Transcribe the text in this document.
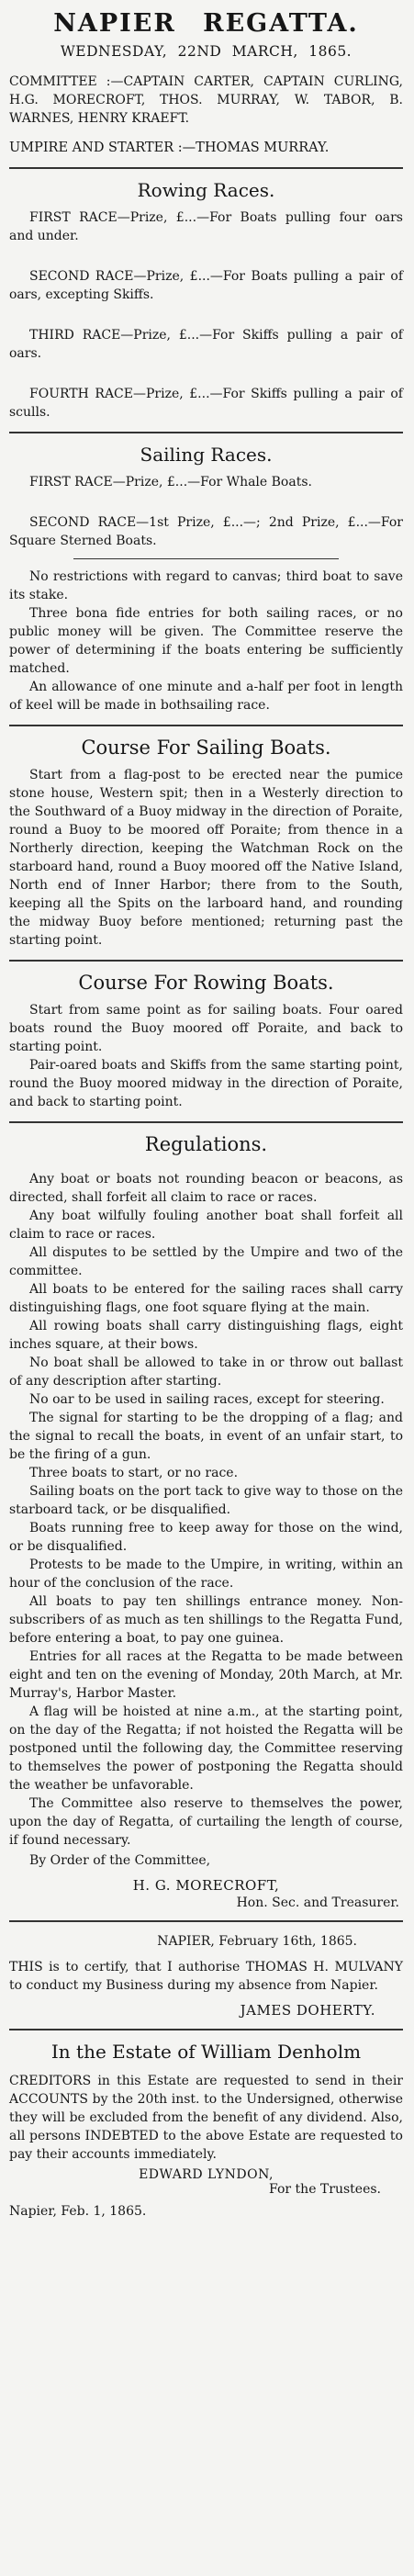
NAPIER REGATTA.
WEDNESDAY, 22ND MARCH, 1865.

COMMITTEE :—CAPTAIN CARTER, CAPTAIN CURLING, H.G. MORECROFT, THOS. MURRAY, W. TABOR, B. WARNES, HENRY KRAEFT.

UMPIRE AND STARTER :—THOMAS MURRAY.

Rowing Races.

FIRST RACE—Prize, £...—For Boats pulling four oars and under.

SECOND RACE—Prize, £...—For Boats pulling a pair of oars, excepting Skiffs.

THIRD RACE—Prize, £...—For Skiffs pulling a pair of oars.

FOURTH RACE—Prize, £...—For Skiffs pulling a pair of sculls.

Sailing Races.

FIRST RACE—Prize, £...—For Whale Boats.

SECOND RACE—1st Prize, £...—; 2nd Prize, £...—For Square Sterned Boats.

No restrictions with regard to canvas; third boat to save its stake.

Three bona fide entries for both sailing races, or no public money will be given. The Committee reserve the power of determining if the boats entering be sufficiently matched.

An allowance of one minute and a-half per foot in length of keel will be made in bothsailing race.

Course For Sailing Boats.

Start from a flag-post to be erected near the pumice stone house, Western spit; then in a Westerly direction to the Southward of a Buoy midway in the direction of Poraite, round a Buoy to be moored off Poraite; from thence in a Northerly direction, keeping the Watchman Rock on the starboard hand, round a Buoy moored off the Native Island, North end of Inner Harbor; there from to the South, keeping all the Spits on the larboard hand, and rounding the midway Buoy before mentioned; returning past the starting point.

Course For Rowing Boats.

Start from same point as for sailing boats. Four oared boats round the Buoy moored off Poraite, and back to starting point.

Pair-oared boats and Skiffs from the same starting point, round the Buoy moored midway in the direction of Poraite, and back to starting point.

Regulations.

Any boat or boats not rounding beacon or beacons, as directed, shall forfeit all claim to race or races.

Any boat wilfully fouling another boat shall forfeit all claim to race or races.

All disputes to be settled by the Umpire and two of the committee.

All boats to be entered for the sailing races shall carry distinguishing flags, one foot square flying at the main.

All rowing boats shall carry distinguishing flags, eight inches square, at their bows.

No boat shall be allowed to take in or throw out ballast of any description after starting.

No oar to be used in sailing races, except for steering.

The signal for starting to be the dropping of a flag; and the signal to recall the boats, in event of an unfair start, to be the firing of a gun.

Three boats to start, or no race.

Sailing boats on the port tack to give way to those on the starboard tack, or be disqualified.

Boats running free to keep away for those on the wind, or be disqualified.

Protests to be made to the Umpire, in writing, within an hour of the conclusion of the race.

All boats to pay ten shillings entrance money. Non-subscribers of as much as ten shillings to the Regatta Fund, before entering a boat, to pay one guinea.

Entries for all races at the Regatta to be made between eight and ten on the evening of Monday, 20th March, at Mr. Murray's, Harbor Master.

A flag will be hoisted at nine a.m., at the starting point, on the day of the Regatta; if not hoisted the Regatta will be postponed until the following day, the Committee reserving to themselves the power of postponing the Regatta should the weather be unfavorable.

The Committee also reserve to themselves the power, upon the day of Regatta, of curtailing the length of course, if found necessary.

By Order of the Committee,

H. G. MORECROFT,
Hon. Sec. and Treasurer.

NAPIER, February 16th, 1865.

THIS is to certify, that I authorise THOMAS H. MULVANY to conduct my Business during my absence from Napier.

JAMES DOHERTY.
In the Estate of William Denholm

CREDITORS in this Estate are requested to send in their ACCOUNTS by the 20th inst. to the Undersigned, otherwise they will be excluded from the benefit of any dividend. Also, all persons INDEBTED to the above Estate are requested to pay their accounts immediately.

EDWARD LYNDON,
For the Trustees.

Napier, Feb. 1, 1865.
